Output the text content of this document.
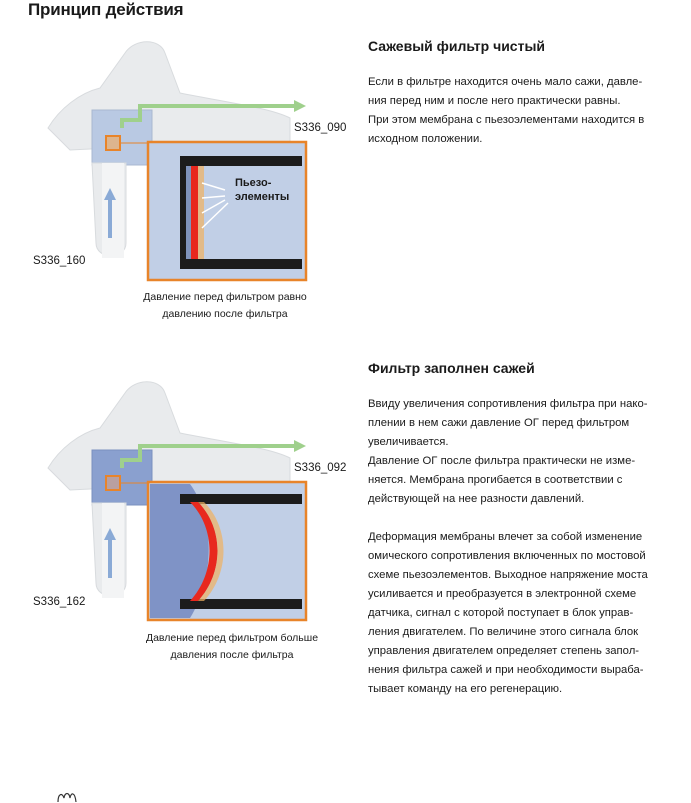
Принцип действия
Пьезо-
элементы
S336_090
S336_160
Давление перед фильтром равно
давлению после фильтра
Сажевый фильтр чистый

Если в фильтре находится очень мало сажи, давле-
ния перед ним и после него практически равны.
При этом мембрана с пьезоэлементами находится в
исходном положении.

S336_092
S336_162
Давление перед фильтром больше
давления после фильтра
Фильтр заполнен сажей

Ввиду увеличения сопротивления фильтра при нако-
плении в нем сажи давление ОГ перед фильтром
увеличивается.
Давление ОГ после фильтра практически не изме-
няется. Мембрана прогибается в соответствии с
действующей на нее разности давлений.

Деформация мембраны влечет за собой изменение
омического сопротивления включенных по мостовой
схеме пьезоэлементов. Выходное напряжение моста
усиливается и преобразуется в электронной схеме
датчика, сигнал с которой поступает в блок управ-
ления двигателем. По величине этого сигнала блок
управления двигателем определяет степень запол-
нения фильтра сажей и при необходимости выраба-
тывает команду на его регенерацию.
